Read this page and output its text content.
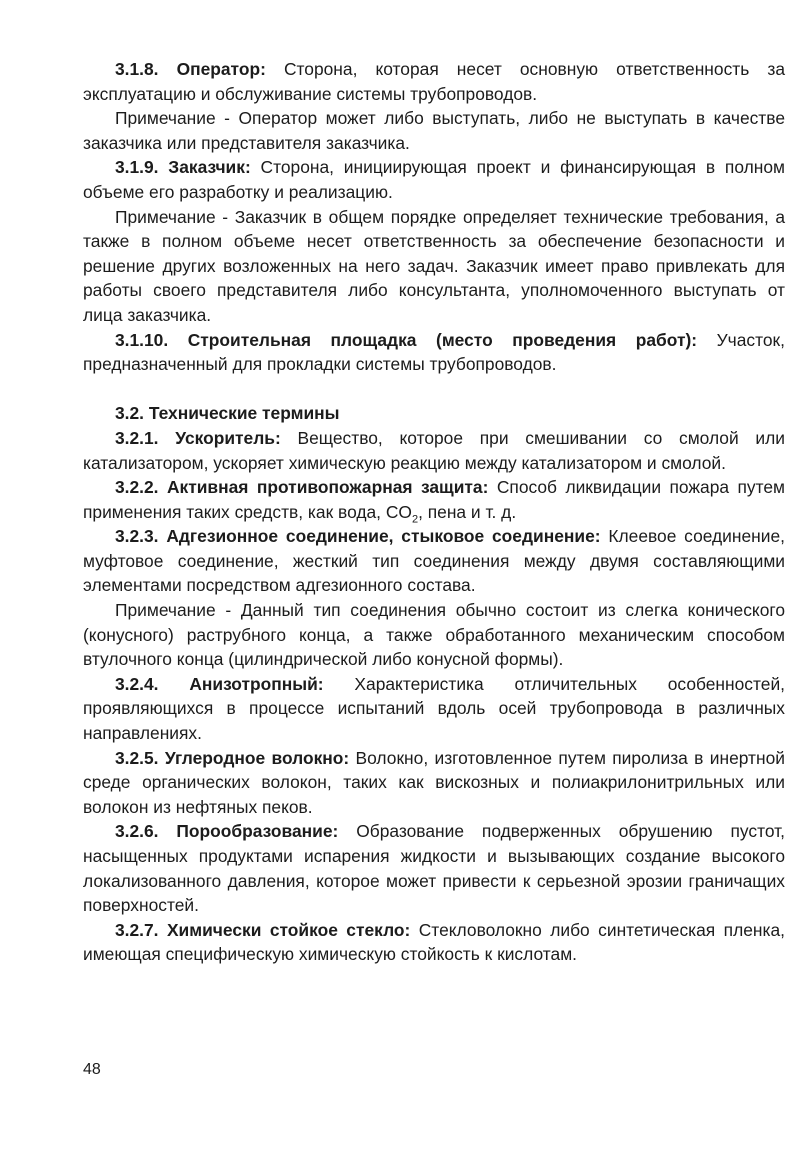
3.1.8. Оператор: Сторона, которая несет основную ответственность за эксплуатацию и обслуживание системы трубопроводов.

Примечание - Оператор может либо выступать, либо не выступать в качестве заказчика или представителя заказчика.

3.1.9. Заказчик: Сторона, инициирующая проект и финансирующая в полном объеме его разработку и реализацию.

Примечание - Заказчик в общем порядке определяет технические требования, а также в полном объеме несет ответственность за обеспечение безопасности и решение других возложенных на него задач. Заказчик имеет право привлекать для работы своего представителя либо консультанта, уполномоченного выступать от лица заказчика.

3.1.10. Строительная площадка (место проведения работ): Участок, предназначенный для прокладки системы трубопроводов.

3.2. Технические термины

3.2.1. Ускоритель: Вещество, которое при смешивании со смолой или катализатором, ускоряет химическую реакцию между катализатором и смолой.

3.2.2. Активная противопожарная защита: Способ ликвидации пожара путем применения таких средств, как вода, $CO_2$, пена и т. д.

3.2.3. Адгезионное соединение, стыковое соединение: Клеевое соединение, муфтовое соединение, жесткий тип соединения между двумя составляющими элементами посредством адгезионного состава.

Примечание - Данный тип соединения обычно состоит из слегка конического (конусного) раструбного конца, а также обработанного механическим способом втулочного конца (цилиндрической либо конусной формы).

3.2.4. Анизотропный: Характеристика отличительных особенностей, проявляющихся в процессе испытаний вдоль осей трубопровода в различных направлениях.

3.2.5. Углеродное волокно: Волокно, изготовленное путем пиролиза в инертной среде органических волокон, таких как вискозных и полиакрилонитрильных или волокон из нефтяных пеков.

3.2.6. Порообразование: Образование подверженных обрушению пустот, насыщенных продуктами испарения жидкости и вызывающих создание высокого локализованного давления, которое может привести к серьезной эрозии граничащих поверхностей.

3.2.7. Химически стойкое стекло: Стекловолокно либо синтетическая пленка, имеющая специфическую химическую стойкость к кислотам.

48
